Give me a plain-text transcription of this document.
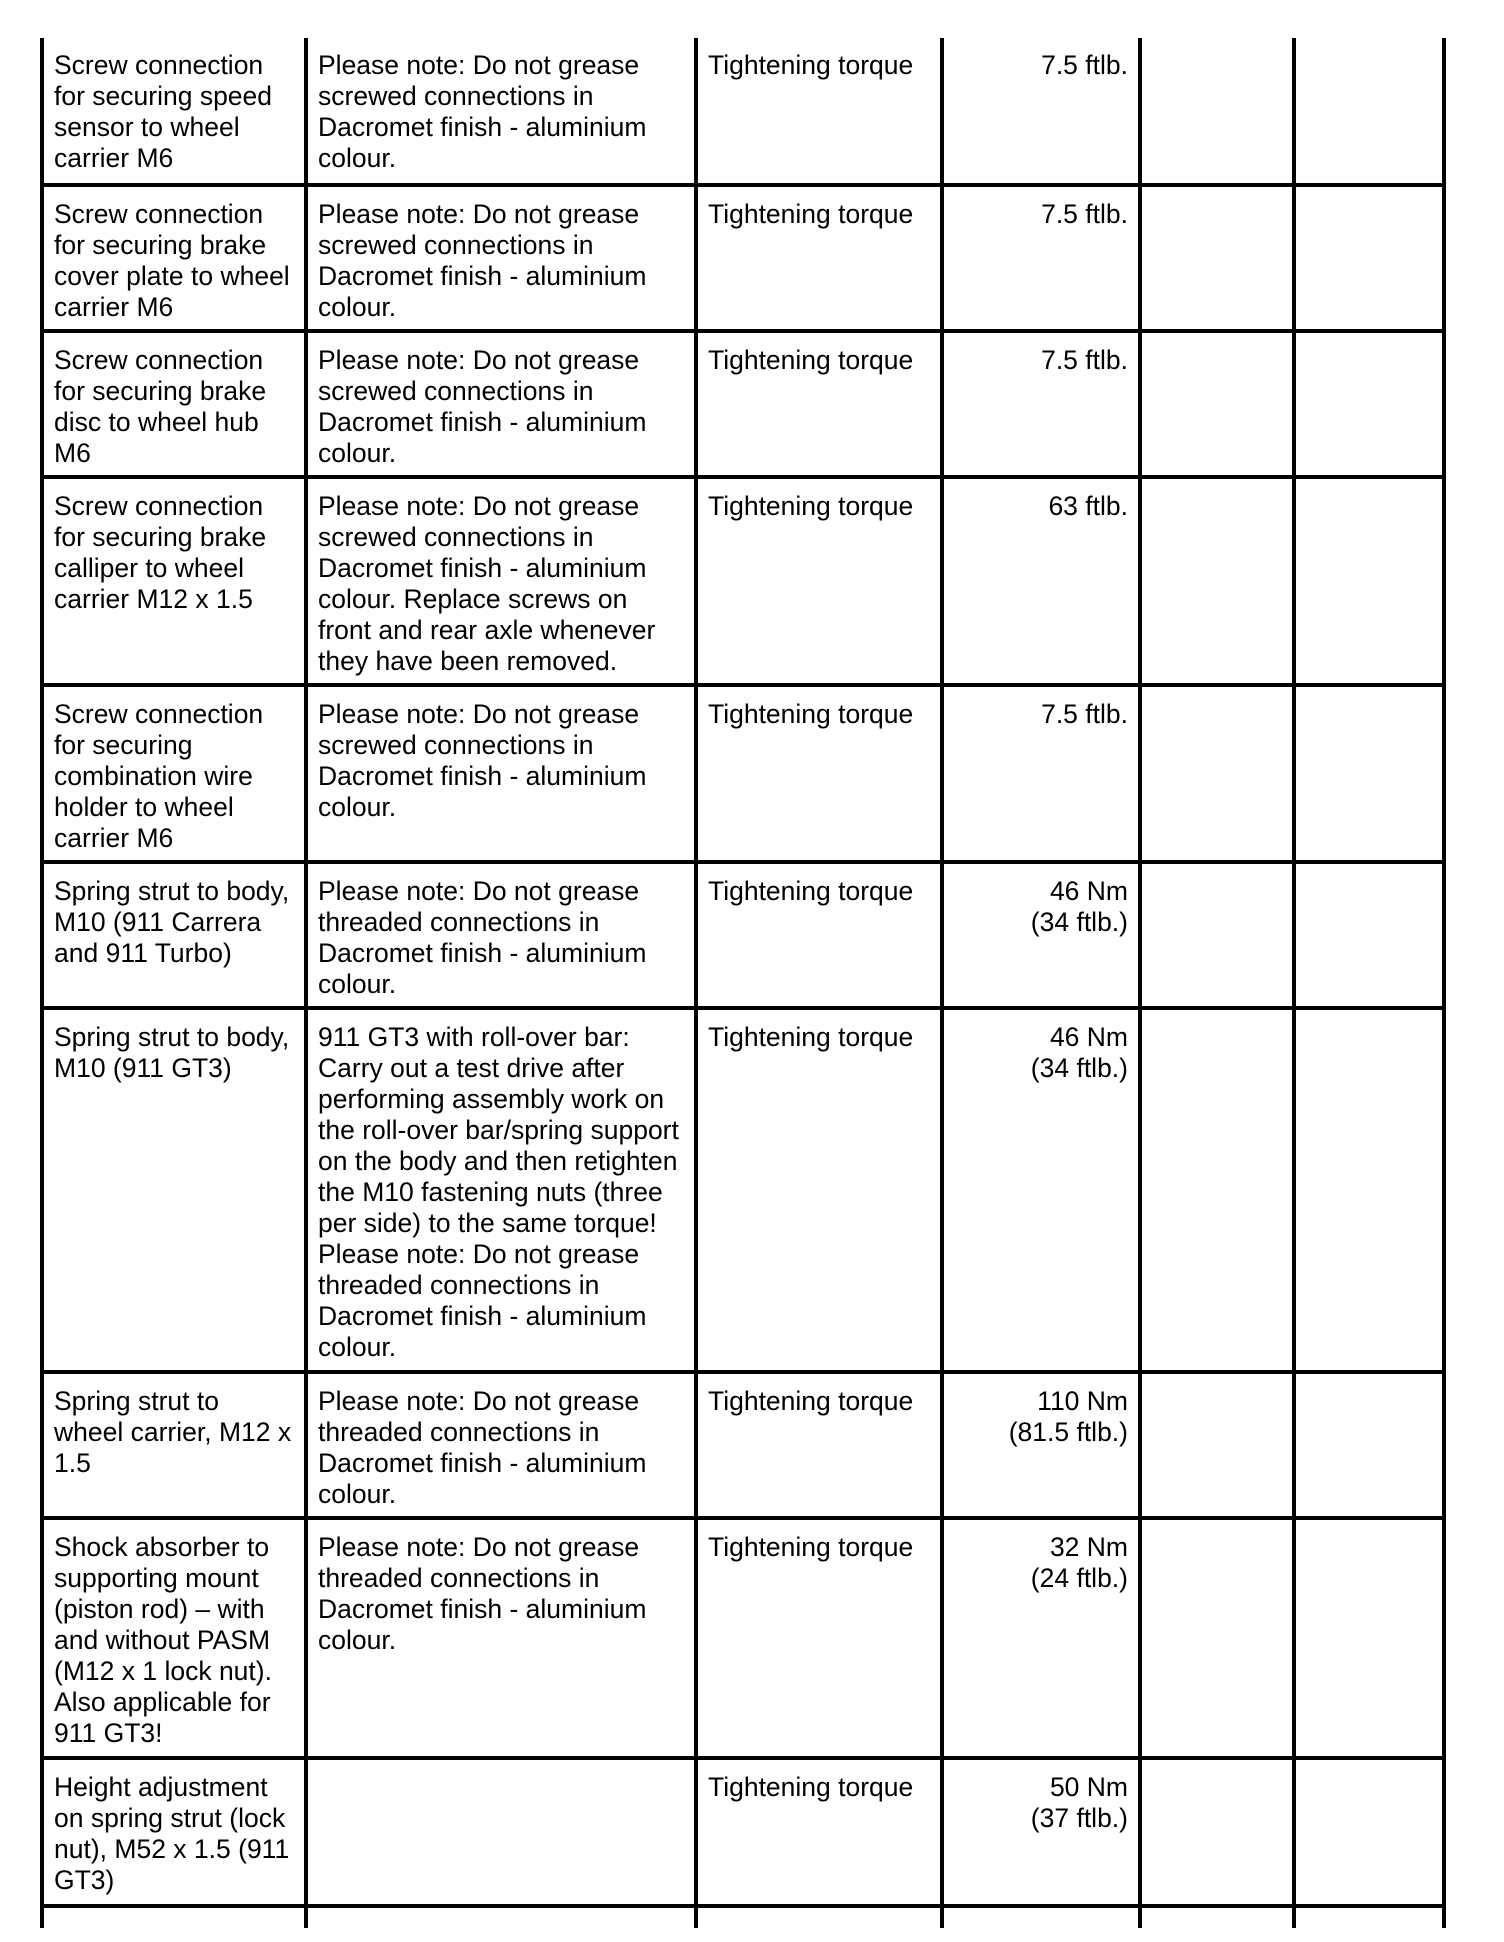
Screw connection for securing speed sensor to wheel carrier M6	Please note: Do not grease screwed connections in Dacromet finish - aluminium colour.	Tightening torque	7.5 ftlb.		

Screw connection for securing brake cover plate to wheel carrier M6	Please note: Do not grease screwed connections in Dacromet finish - aluminium colour.	Tightening torque	7.5 ftlb.		

Screw connection for securing brake disc to wheel hub M6	Please note: Do not grease screwed connections in Dacromet finish - aluminium colour.	Tightening torque	7.5 ftlb.		

Screw connection for securing brake calliper to wheel carrier M12 x 1.5	Please note: Do not grease screwed connections in Dacromet finish - aluminium colour. Replace screws on front and rear axle whenever they have been removed.	Tightening torque	63 ftlb.		

Screw connection for securing combination wire holder to wheel carrier M6	Please note: Do not grease screwed connections in Dacromet finish - aluminium colour.	Tightening torque	7.5 ftlb.		

Spring strut to body, M10 (911 Carrera and 911 Turbo)	Please note: Do not grease threaded connections in Dacromet finish - aluminium colour.	Tightening torque	46 Nm
(34 ftlb.)		

Spring strut to body, M10 (911 GT3)	911 GT3 with roll-over bar: Carry out a test drive after performing assembly work on the roll-over bar/spring support on the body and then retighten the M10 fastening nuts (three per side) to the same torque! Please note: Do not grease threaded connections in Dacromet finish - aluminium colour.	Tightening torque	46 Nm
(34 ftlb.)		

Spring strut to wheel carrier, M12 x 1.5	Please note: Do not grease threaded connections in Dacromet finish - aluminium colour.	Tightening torque	110 Nm
(81.5 ftlb.)		

Shock absorber to supporting mount (piston rod) – with and without PASM (M12 x 1 lock nut). Also applicable for 911 GT3!	Please note: Do not grease threaded connections in Dacromet finish - aluminium colour.	Tightening torque	32 Nm
(24 ftlb.)		

Height adjustment on spring strut (lock nut), M52 x 1.5 (911 GT3)		Tightening torque	50 Nm
(37 ftlb.)		
